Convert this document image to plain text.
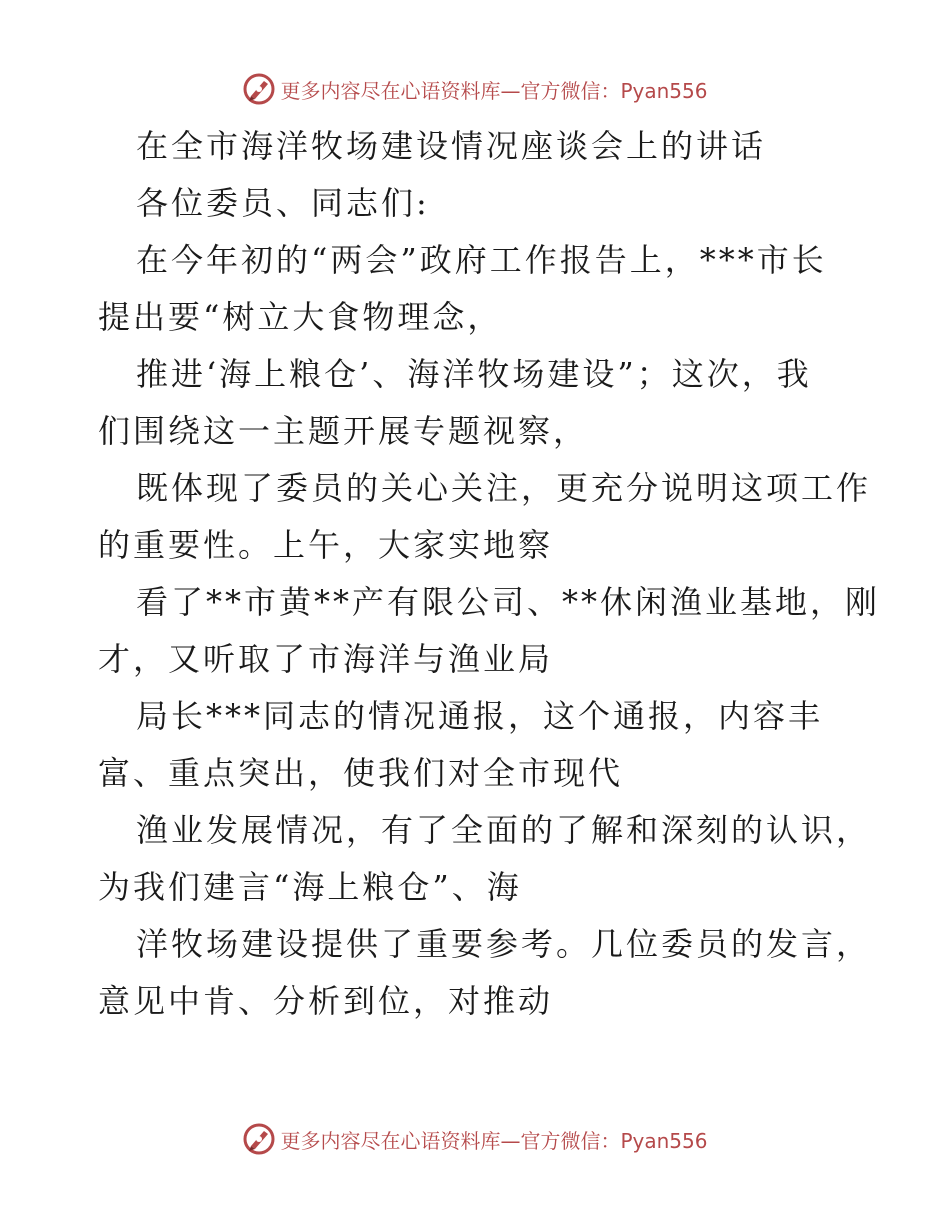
更多内容尽在心语资料库—官方微信：Pyan556
在全市海洋牧场建设情况座谈会上的讲话
各位委员、同志们:
在今年初的“两会”政府工作报告上，***市长
提出要“树立大食物理念，
推进‘海上粮仓’、海洋牧场建设”；这次，我
们围绕这一主题开展专题视察，
既体现了委员的关心关注，更充分说明这项工作
的重要性。上午，大家实地察
看了**市黄**产有限公司、**休闲渔业基地，刚
才，又听取了市海洋与渔业局
局长***同志的情况通报，这个通报，内容丰
富、重点突出，使我们对全市现代
渔业发展情况，有了全面的了解和深刻的认识，
为我们建言“海上粮仓”、海
洋牧场建设提供了重要参考。几位委员的发言，
意见中肯、分析到位，对推动
更多内容尽在心语资料库—官方微信：Pyan556
